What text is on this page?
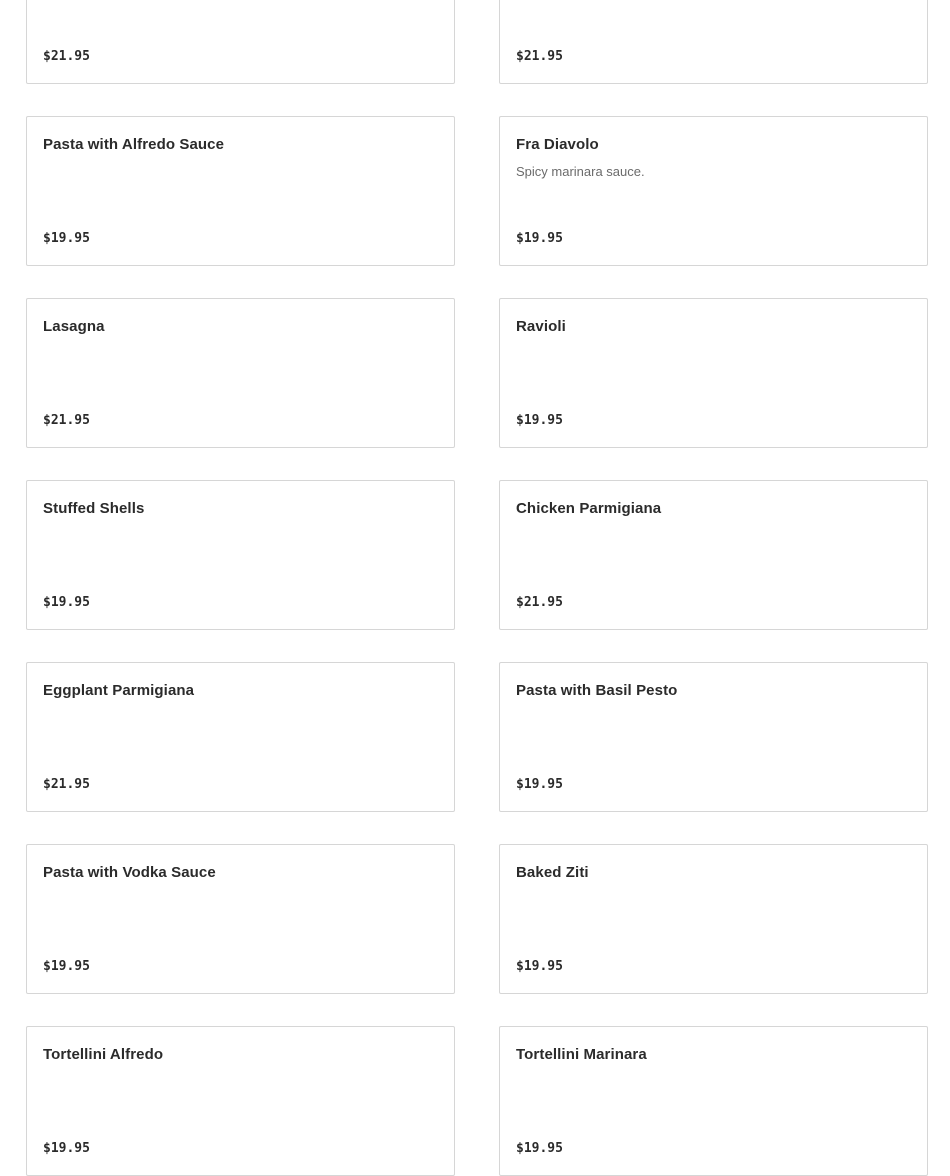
$21.95	$21.95
Pasta with Alfredo Sauce
$19.95
Fra Diavolo
Spicy marinara sauce.
$19.95
Lasagna
$21.95
Ravioli
$19.95
Stuffed Shells
$19.95
Chicken Parmigiana
$21.95
Eggplant Parmigiana
$21.95
Pasta with Basil Pesto
$19.95
Pasta with Vodka Sauce
$19.95
Baked Ziti
$19.95
Tortellini Alfredo
$19.95
Tortellini Marinara
$19.95
